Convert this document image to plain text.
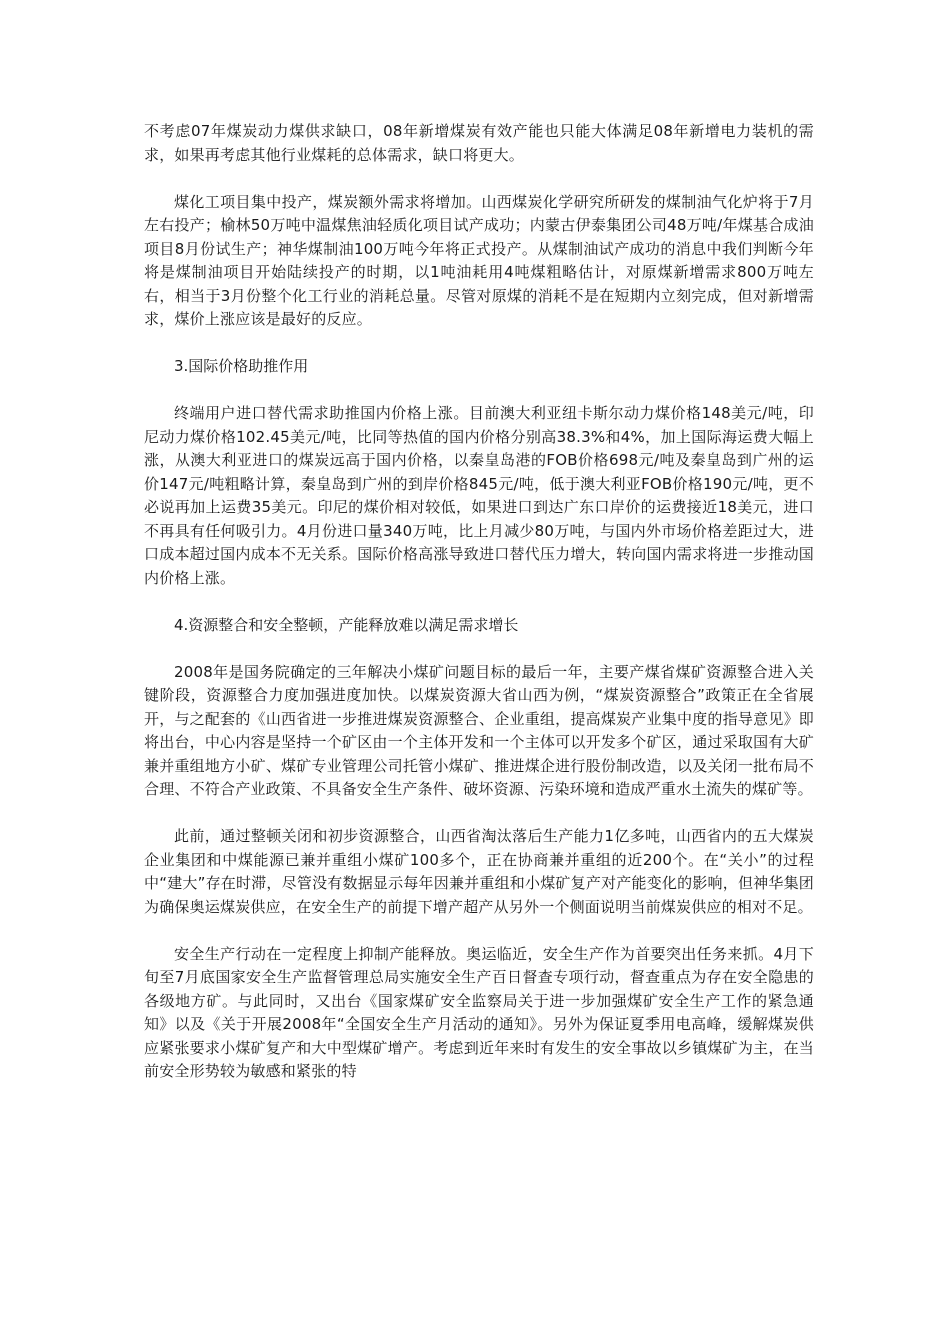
不考虑07年煤炭动力煤供求缺口，08年新增煤炭有效产能也只能大体满足08年新增电力装机的需求，如果再考虑其他行业煤耗的总体需求，缺口将更大。

煤化工项目集中投产，煤炭额外需求将增加。山西煤炭化学研究所研发的煤制油气化炉将于7月左右投产；榆林50万吨中温煤焦油轻质化项目试产成功；内蒙古伊泰集团公司48万吨/年煤基合成油项目8月份试生产；神华煤制油100万吨今年将正式投产。从煤制油试产成功的消息中我们判断今年将是煤制油项目开始陆续投产的时期，以1吨油耗用4吨煤粗略估计，对原煤新增需求800万吨左右，相当于3月份整个化工行业的消耗总量。尽管对原煤的消耗不是在短期内立刻完成，但对新增需求，煤价上涨应该是最好的反应。

3.国际价格助推作用

终端用户进口替代需求助推国内价格上涨。目前澳大利亚纽卡斯尔动力煤价格148美元/吨，印尼动力煤价格102.45美元/吨，比同等热值的国内价格分别高38.3%和4%，加上国际海运费大幅上涨，从澳大利亚进口的煤炭远高于国内价格，以秦皇岛港的FOB价格698元/吨及秦皇岛到广州的运价147元/吨粗略计算，秦皇岛到广州的到岸价格845元/吨，低于澳大利亚FOB价格190元/吨，更不必说再加上运费35美元。印尼的煤价相对较低，如果进口到达广东口岸价的运费接近18美元，进口不再具有任何吸引力。4月份进口量340万吨，比上月减少80万吨，与国内外市场价格差距过大，进口成本超过国内成本不无关系。国际价格高涨导致进口替代压力增大，转向国内需求将进一步推动国内价格上涨。

4.资源整合和安全整顿，产能释放难以满足需求增长

2008年是国务院确定的三年解决小煤矿问题目标的最后一年，主要产煤省煤矿资源整合进入关键阶段，资源整合力度加强进度加快。以煤炭资源大省山西为例，“煤炭资源整合”政策正在全省展开，与之配套的《山西省进一步推进煤炭资源整合、企业重组，提高煤炭产业集中度的指导意见》即将出台，中心内容是坚持一个矿区由一个主体开发和一个主体可以开发多个矿区，通过采取国有大矿兼并重组地方小矿、煤矿专业管理公司托管小煤矿、推进煤企进行股份制改造，以及关闭一批布局不合理、不符合产业政策、不具备安全生产条件、破坏资源、污染环境和造成严重水土流失的煤矿等。

此前，通过整顿关闭和初步资源整合，山西省淘汰落后生产能力1亿多吨，山西省内的五大煤炭企业集团和中煤能源已兼并重组小煤矿100多个，正在协商兼并重组的近200个。在“关小”的过程中“建大”存在时滞，尽管没有数据显示每年因兼并重组和小煤矿复产对产能变化的影响，但神华集团为确保奥运煤炭供应，在安全生产的前提下增产超产从另外一个侧面说明当前煤炭供应的相对不足。

安全生产行动在一定程度上抑制产能释放。奥运临近，安全生产作为首要突出任务来抓。4月下旬至7月底国家安全生产监督管理总局实施安全生产百日督查专项行动，督查重点为存在安全隐患的各级地方矿。与此同时，又出台《国家煤矿安全监察局关于进一步加强煤矿安全生产工作的紧急通知》以及《关于开展2008年“全国安全生产月活动的通知》。另外为保证夏季用电高峰，缓解煤炭供应紧张要求小煤矿复产和大中型煤矿增产。考虑到近年来时有发生的安全事故以乡镇煤矿为主，在当前安全形势较为敏感和紧张的特
